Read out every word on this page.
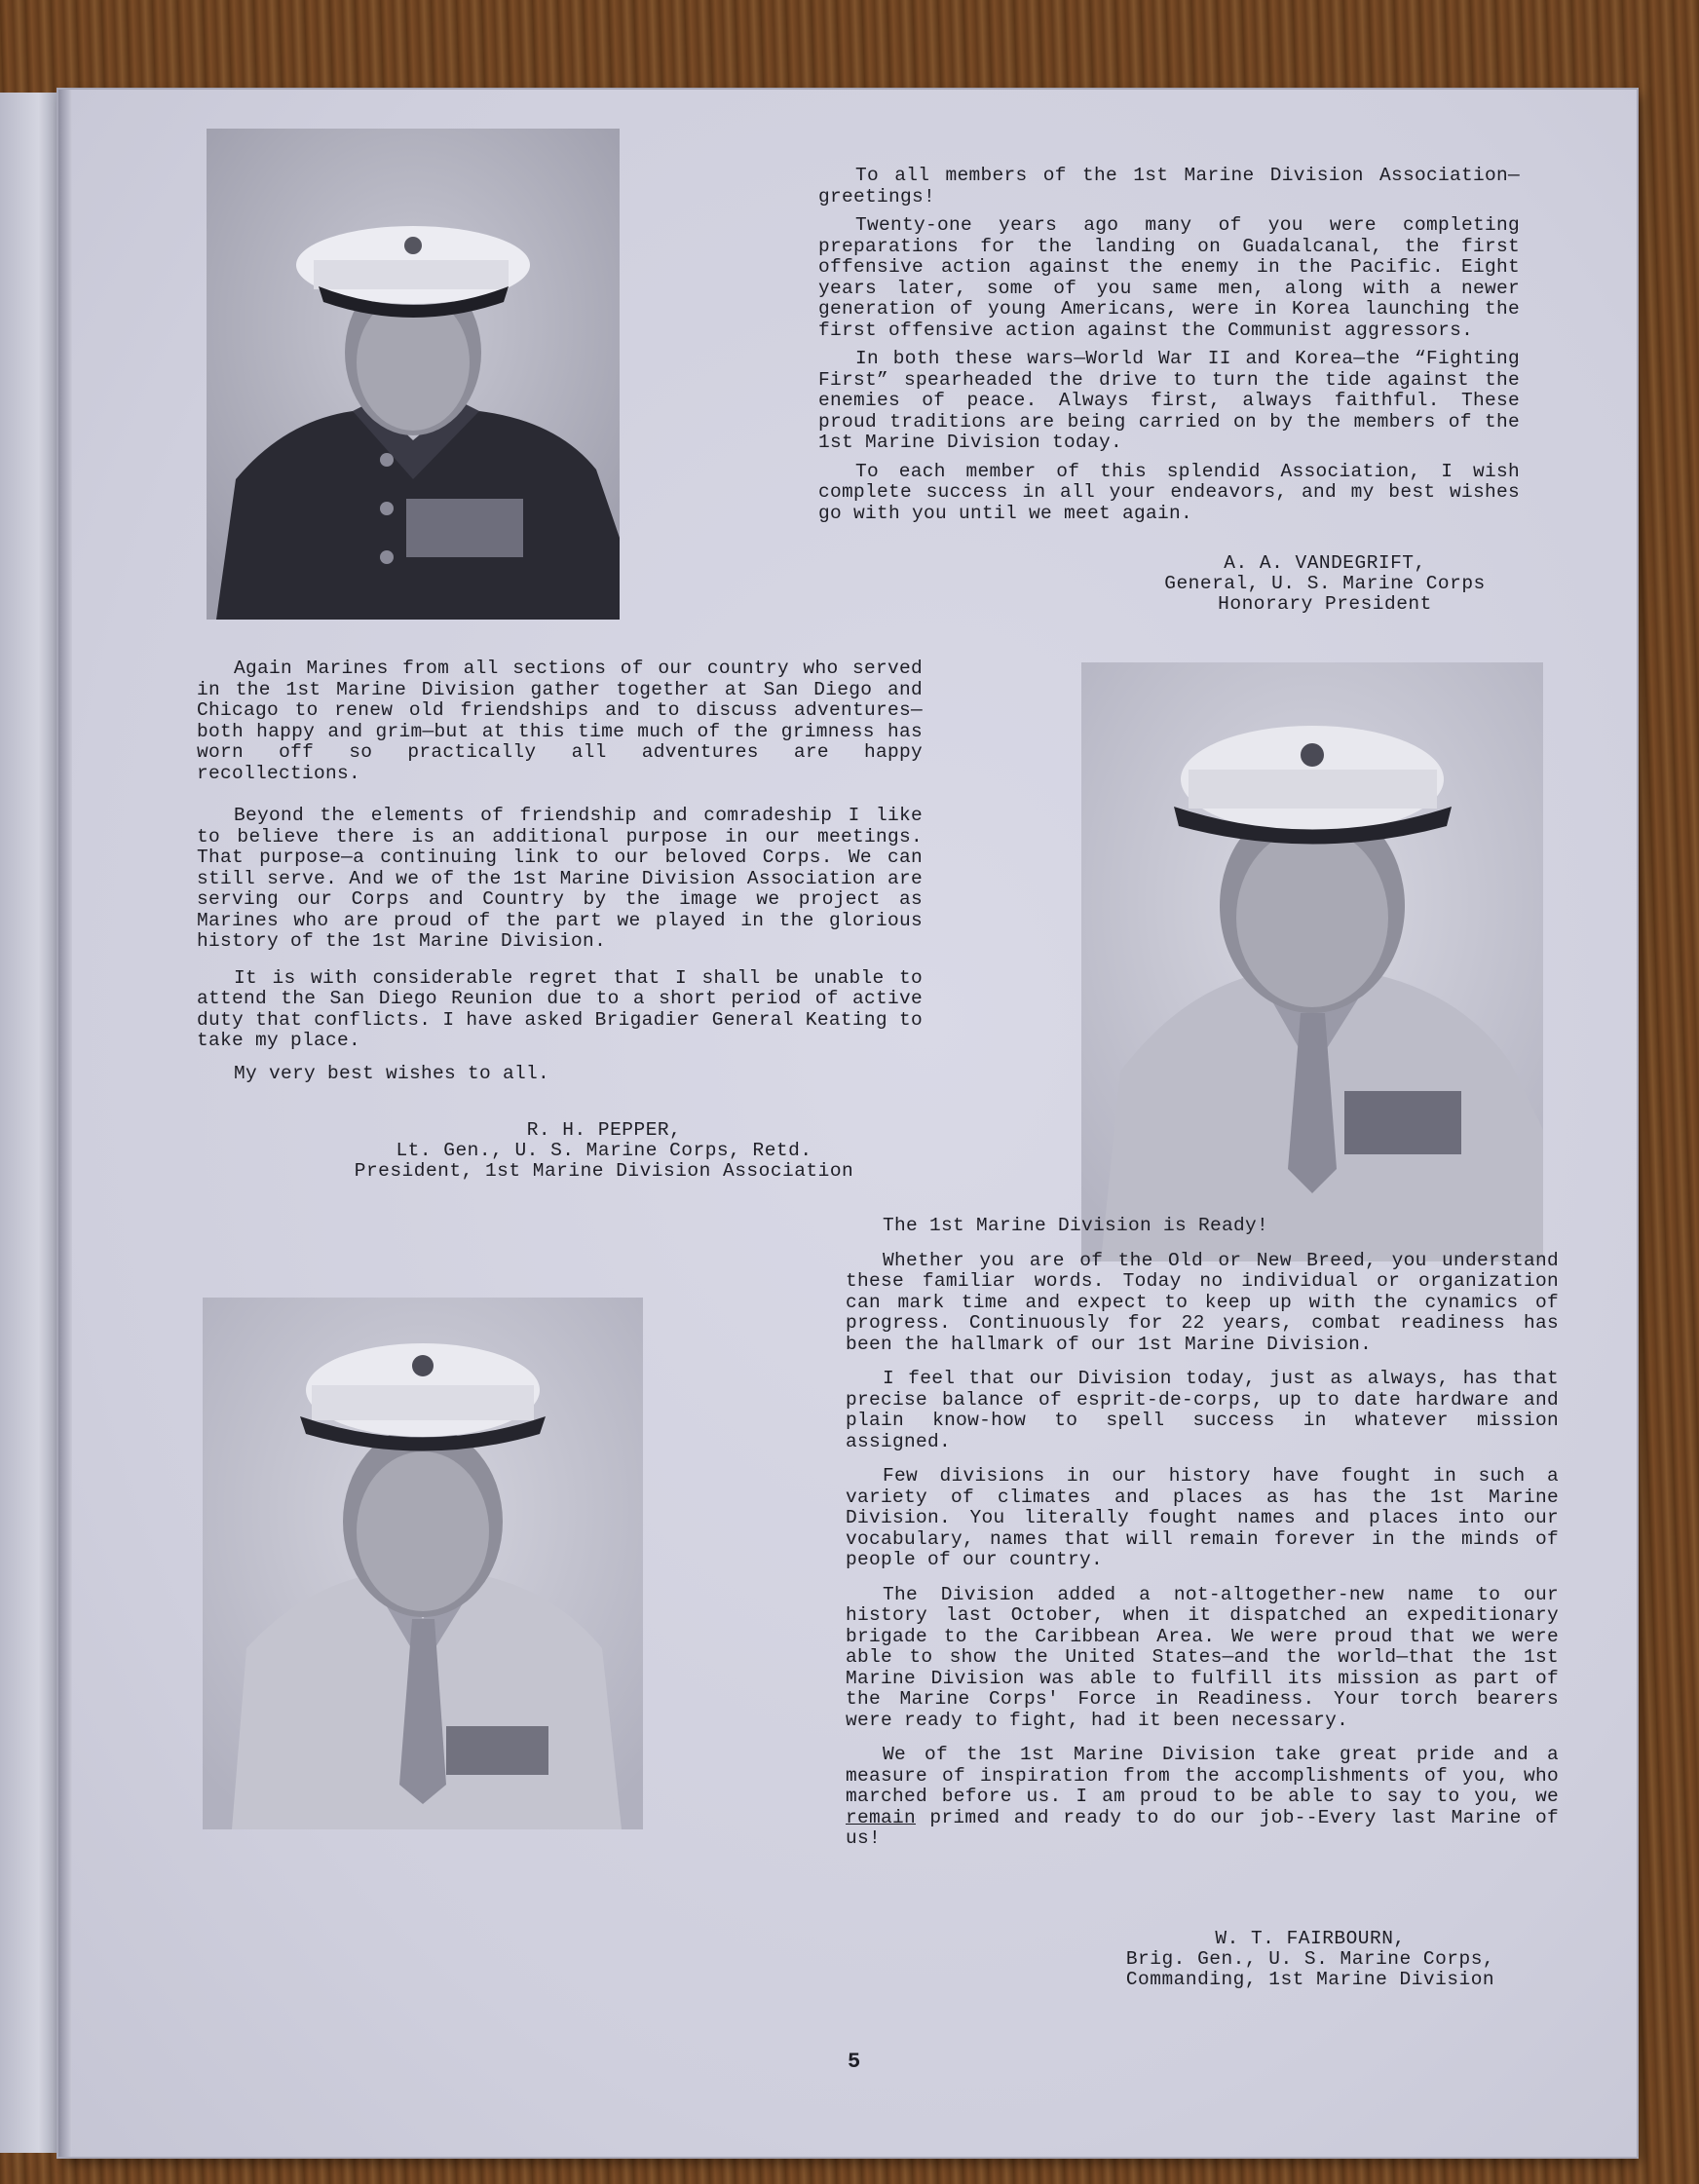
To all members of the 1st Marine Division Association—greetings!

Twenty-one years ago many of you were completing preparations for the landing on Guadalcanal, the first offensive action against the enemy in the Pacific. Eight years later, some of you same men, along with a newer generation of young Americans, were in Korea launching the first offensive action against the Communist aggressors.

In both these wars—World War II and Korea—the “Fighting First” spearheaded the drive to turn the tide against the enemies of peace. Always first, always faithful. These proud traditions are being carried on by the members of the 1st Marine Division today.

To each member of this splendid Association, I wish complete success in all your endeavors, and my best wishes go with you until we meet again.

A. A. VANDEGRIFT,
General, U. S. Marine Corps
Honorary President

Again Marines from all sections of our country who served in the 1st Marine Division gather together at San Diego and Chicago to renew old friendships and to discuss adventures—both happy and grim—but at this time much of the grimness has worn off so practically all adventures are happy recollections.

Beyond the elements of friendship and comradeship I like to believe there is an additional purpose in our meetings. That purpose—a continuing link to our beloved Corps. We can still serve. And we of the 1st Marine Division Association are serving our Corps and Country by the image we project as Marines who are proud of the part we played in the glorious history of the 1st Marine Division.

It is with considerable regret that I shall be unable to attend the San Diego Reunion due to a short period of active duty that conflicts. I have asked Brigadier General Keating to take my place.

My very best wishes to all.

R. H. PEPPER,
Lt. Gen., U. S. Marine Corps, Retd.
President, 1st Marine Division Association

The 1st Marine Division is Ready!

Whether you are of the Old or New Breed, you understand these familiar words. Today no individual or organization can mark time and expect to keep up with the cynamics of progress. Continuously for 22 years, combat readiness has been the hallmark of our 1st Marine Division.

I feel that our Division today, just as always, has that precise balance of esprit-de-corps, up to date hardware and plain know-how to spell success in whatever mission assigned.

Few divisions in our history have fought in such a variety of climates and places as has the 1st Marine Division. You literally fought names and places into our vocabulary, names that will remain forever in the minds of people of our country.

The Division added a not-altogether-new name to our history last October, when it dispatched an expeditionary brigade to the Caribbean Area. We were proud that we were able to show the United States—and the world—that the 1st Marine Division was able to fulfill its mission as part of the Marine Corps' Force in Readiness. Your torch bearers were ready to fight, had it been necessary.

We of the 1st Marine Division take great pride and a measure of inspiration from the accomplishments of you, who marched before us. I am proud to be able to say to you, we remain primed and ready to do our job--Every last Marine of us!

W. T. FAIRBOURN,
Brig. Gen., U. S. Marine Corps,
Commanding, 1st Marine Division
5
